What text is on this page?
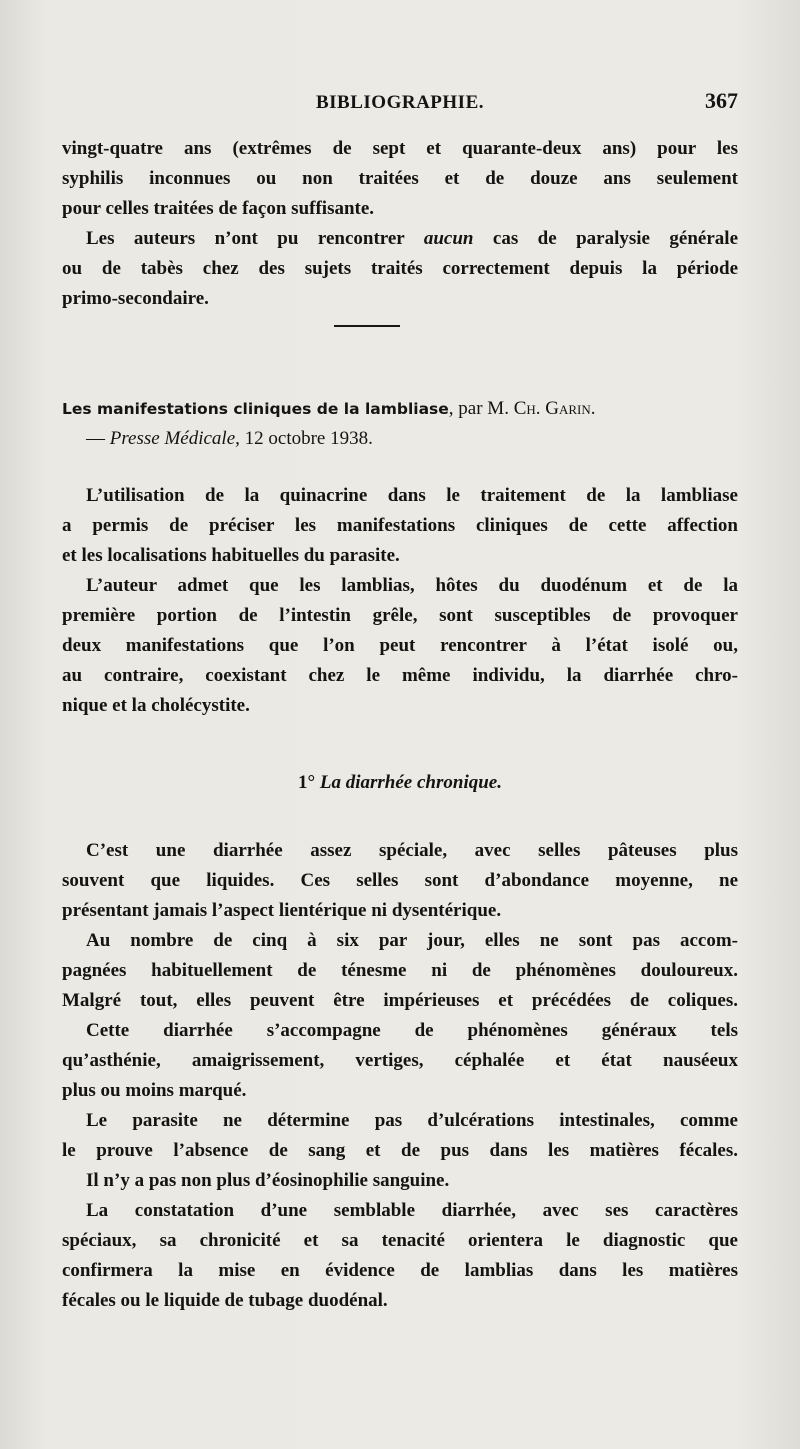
BIBLIOGRAPHIE.	367
vingt-quatre ans (extrêmes de sept et quarante-deux ans) pour les
syphilis inconnues ou non traitées et de douze ans seulement
pour celles traitées de façon suffisante.
Les auteurs n’ont pu rencontrer aucun cas de paralysie générale
ou de tabès chez des sujets traités correctement depuis la période
primo-secondaire.
Les manifestations cliniques de la lambliase, par M. Ch. Garin.
— Presse Médicale, 12 octobre 1938.
L’utilisation de la quinacrine dans le traitement de la lambliase
a permis de préciser les manifestations cliniques de cette affection
et les localisations habituelles du parasite.
L’auteur admet que les lamblias, hôtes du duodénum et de la
première portion de l’intestin grêle, sont susceptibles de provoquer
deux manifestations que l’on peut rencontrer à l’état isolé ou,
au contraire, coexistant chez le même individu, la diarrhée chro-
nique et la cholécystite.
1° La diarrhée chronique.
C’est une diarrhée assez spéciale, avec selles pâteuses plus
souvent que liquides. Ces selles sont d’abondance moyenne, ne
présentant jamais l’aspect lientérique ni dysentérique.
Au nombre de cinq à six par jour, elles ne sont pas accom-
pagnées habituellement de ténesme ni de phénomènes douloureux.
Malgré tout, elles peuvent être impérieuses et précédées de coliques.
Cette diarrhée s’accompagne de phénomènes généraux tels
qu’asthénie, amaigrissement, vertiges, céphalée et état nauséeux
plus ou moins marqué.
Le parasite ne détermine pas d’ulcérations intestinales, comme
le prouve l’absence de sang et de pus dans les matières fécales.
Il n’y a pas non plus d’éosinophilie sanguine.
La constatation d’une semblable diarrhée, avec ses caractères
spéciaux, sa chronicité et sa tenacité orientera le diagnostic que
confirmera la mise en évidence de lamblias dans les matières
fécales ou le liquide de tubage duodénal.
